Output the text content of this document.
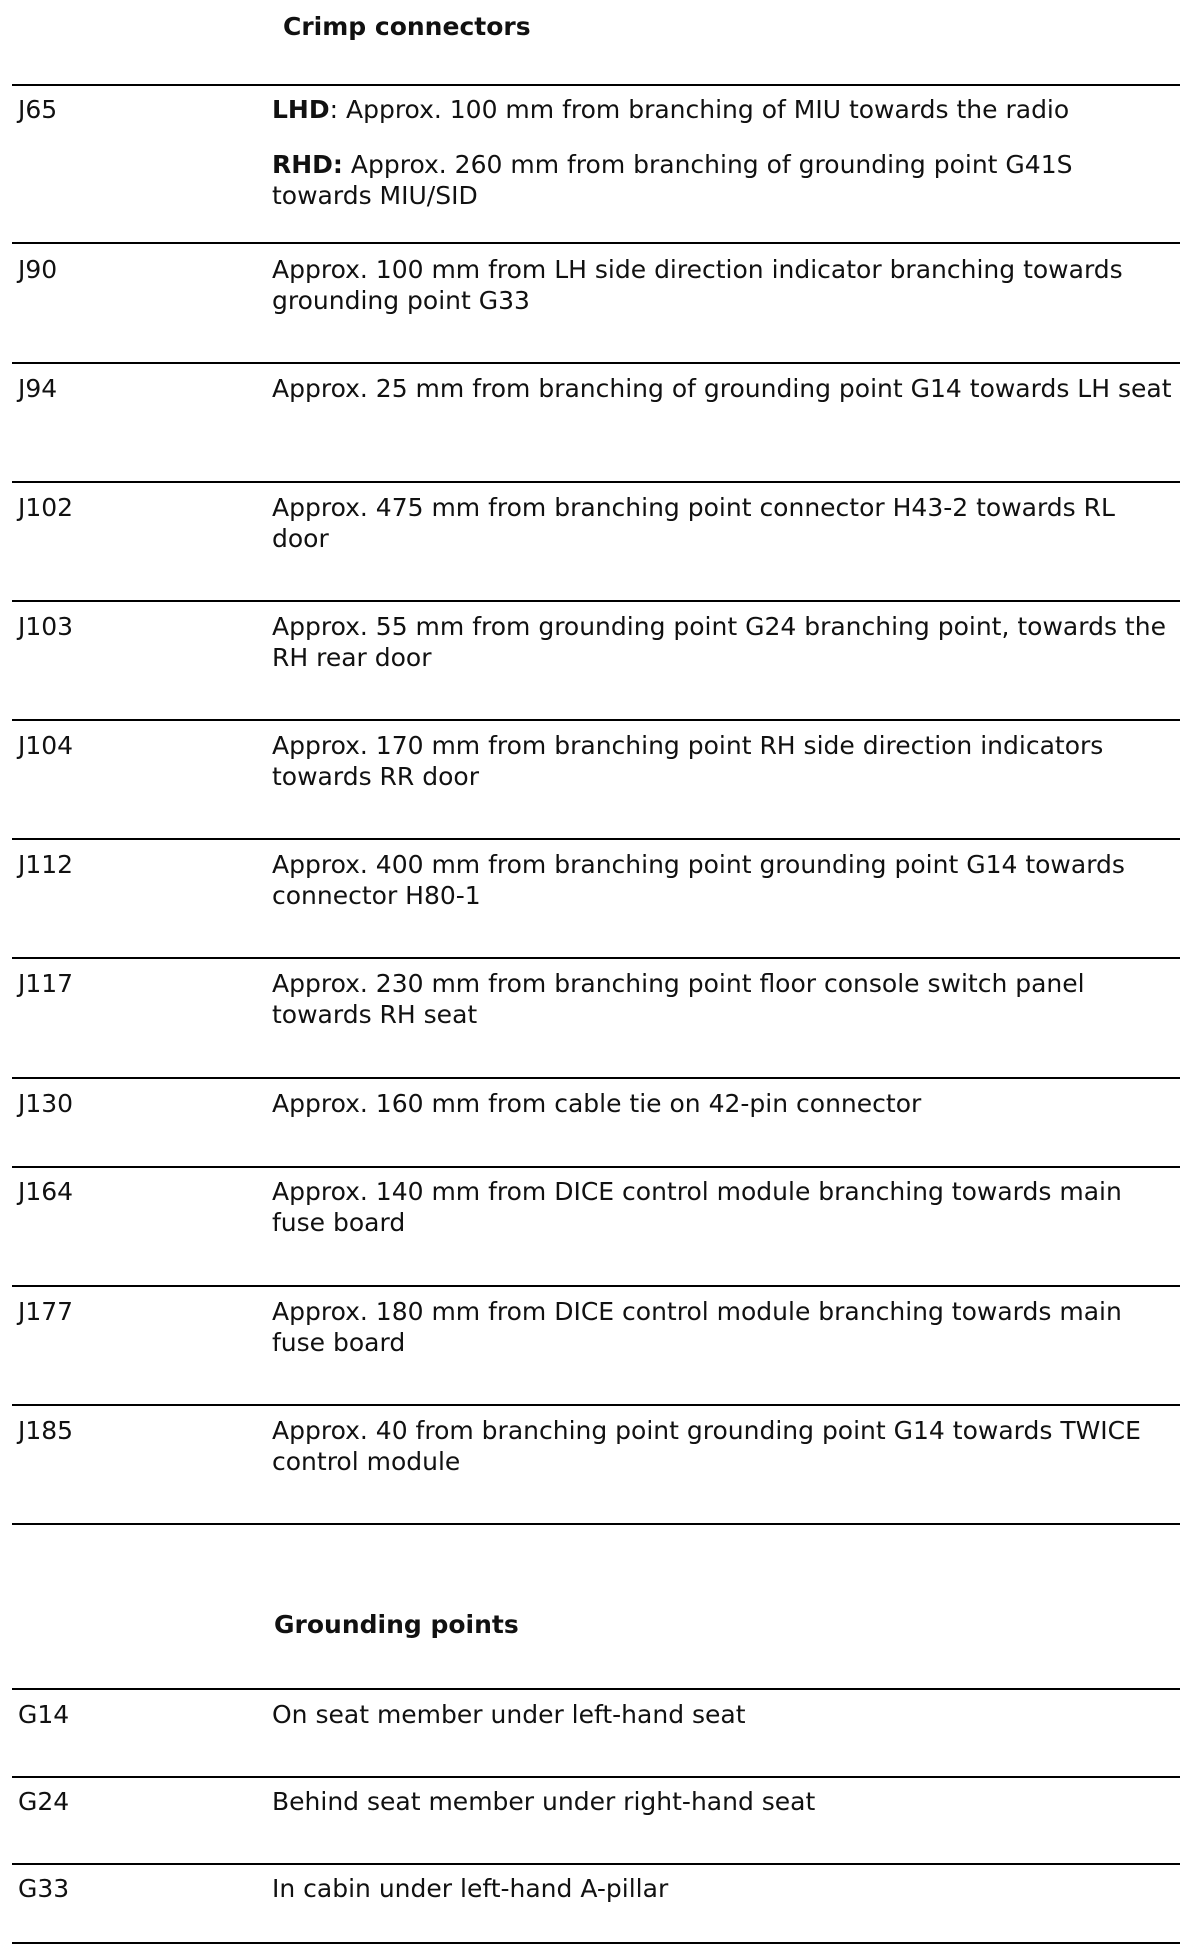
Crimp connectors
J65	LHD: Approx. 100 mm from branching of MIU towards the radio

RHD: Approx. 260 mm from branching of grounding point G41S towards MIU/SID

J90	Approx. 100 mm from LH side direction indicator branching towards grounding point G33
J94	Approx. 25 mm from branching of grounding point G14 towards LH seat
J102	Approx. 475 mm from branching point connector H43-2 towards RL door
J103	Approx. 55 mm from grounding point G24 branching point, towards the RH rear door
J104	Approx. 170 mm from branching point RH side direction indicators towards RR door
J112	Approx. 400 mm from branching point grounding point G14 towards connector H80-1
J117	Approx. 230 mm from branching point floor console switch panel towards RH seat
J130	Approx. 160 mm from cable tie on 42-pin connector
J164	Approx. 140 mm from DICE control module branching towards main fuse board
J177	Approx. 180 mm from DICE control module branching towards main fuse board
J185	Approx. 40 from branching point grounding point G14 towards TWICE control module
Grounding points
G14	On seat member under left-hand seat
G24	Behind seat member under right-hand seat
G33	In cabin under left-hand A-pillar
